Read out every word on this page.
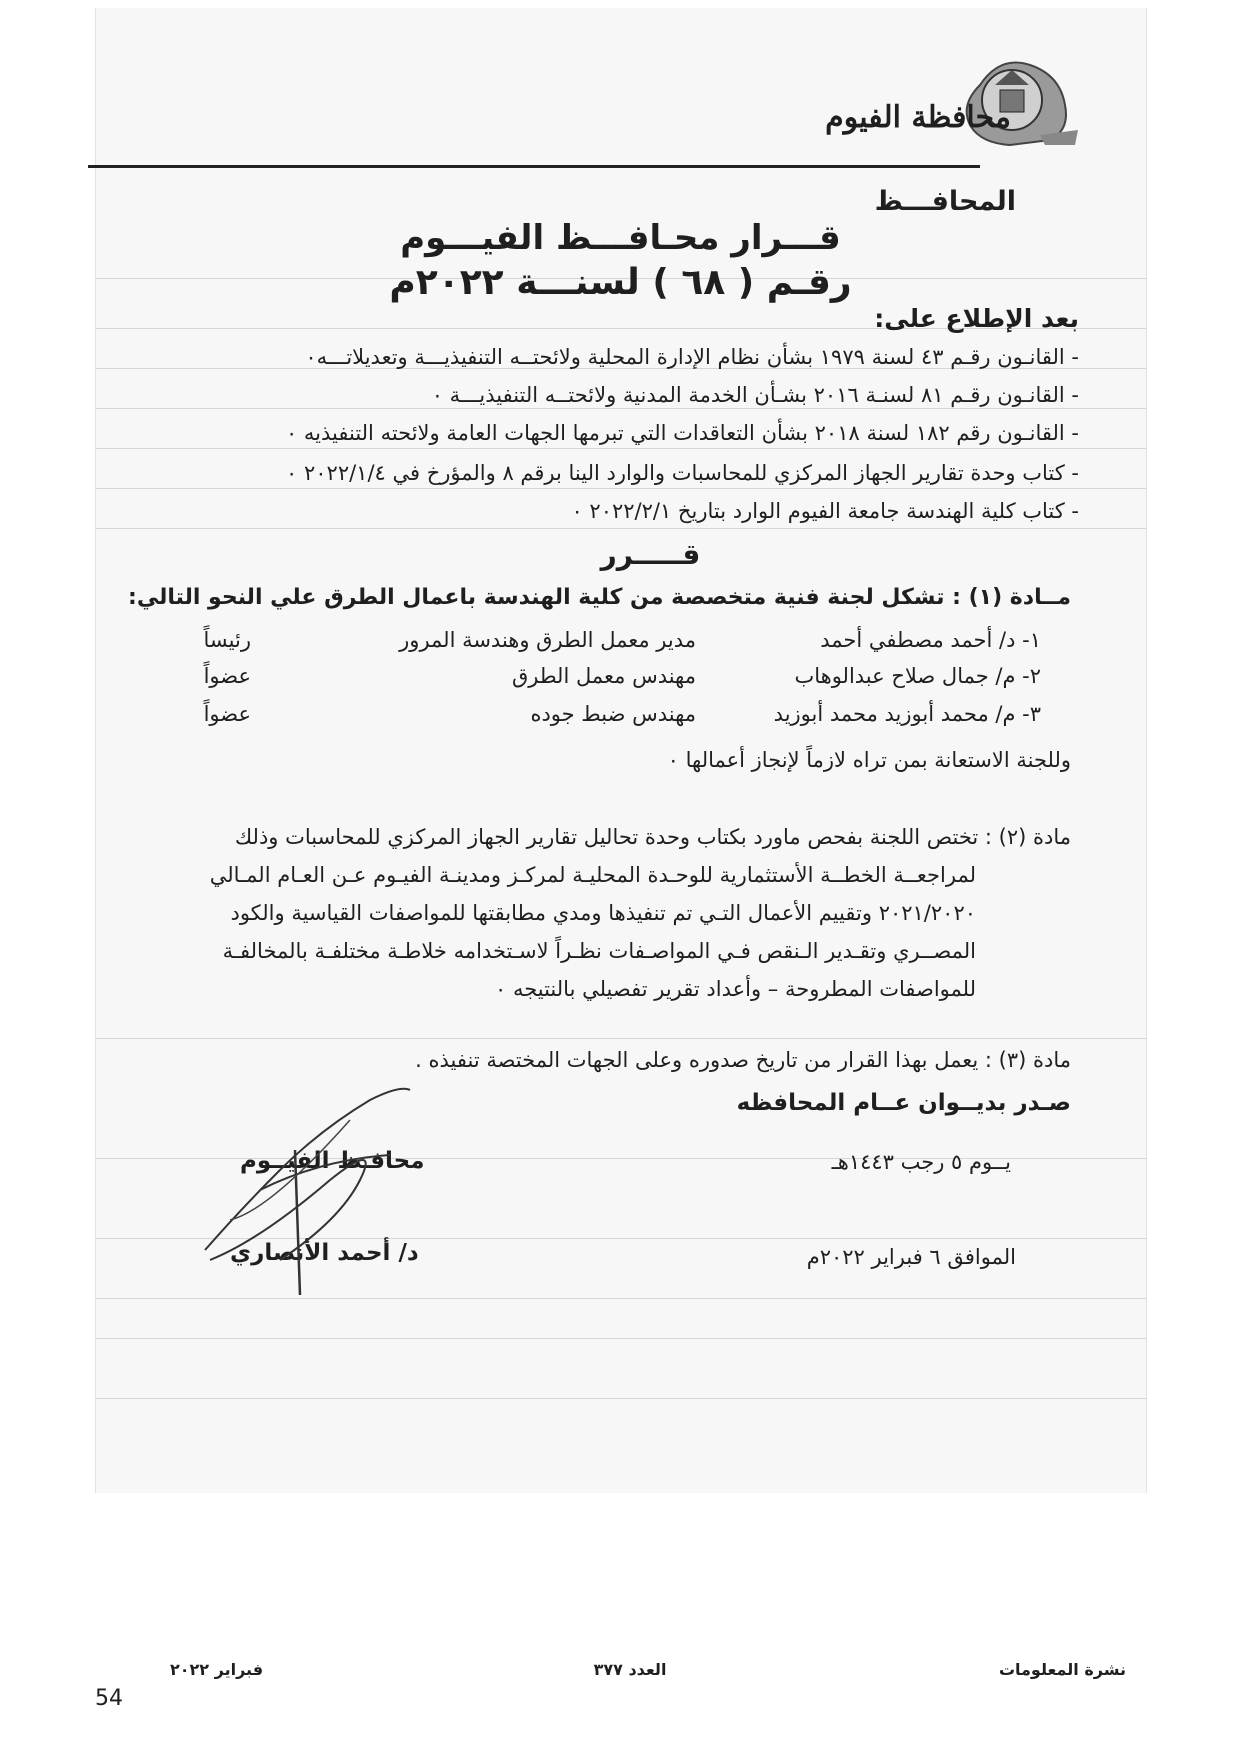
محافظة الفيوم
المحافـــظ
قـــرار محـافـــظ الفيـــوم
رقـم ( ٦٨ ) لسنـــة ٢٠٢٢م
بعد الإطلاع على:
- القانـون رقـم ٤٣ لسنة ١٩٧٩ بشأن نظام الإدارة المحلية ولائحتــه التنفيذيـــة وتعديلاتـــه٠
- القانـون رقـم ٨١ لسنـة ٢٠١٦ بشـأن الخدمة المدنية ولائحتــه التنفيذيـــة ٠
- القانـون رقم ١٨٢ لسنة ٢٠١٨ بشأن التعاقدات التي تبرمها الجهات العامة ولائحته التنفيذيه ٠
- كتاب وحدة تقارير الجهاز المركزي للمحاسبات والوارد الينا برقم ٨ والمؤرخ في ٢٠٢٢/١/٤ ٠
- كتاب كلية الهندسة جامعة الفيوم الوارد بتاريخ ٢٠٢٢/٢/١ ٠
قـــــرر
مــادة (١) : تشكل لجنة فنية متخصصة من كلية الهندسة باعمال الطرق علي النحو التالي:
١- د/ أحمد مصطفي أحمد
مدير معمل الطرق وهندسة المرور
رئيساً
٢- م/ جمال صلاح عبدالوهاب
مهندس معمل الطرق
عضواً
٣- م/ محمد أبوزيد محمد أبوزيد
مهندس ضبط جوده
عضواً
وللجنة الاستعانة بمن تراه لازماً لإنجاز أعمالها ٠
مادة (٢) : تختص اللجنة بفحص ماورد بكتاب وحدة تحاليل تقارير الجهاز المركزي للمحاسبات وذلك
لمراجعــة الخطــة الأستثمارية للوحـدة المحليـة لمركـز ومدينـة الفيـوم عـن العـام المـالي
٢٠٢١/٢٠٢٠ وتقييم الأعمال التـي تم تنفيذها ومدي مطابقتها للمواصفات القياسية والكود
المصــري وتقـدير الـنقص فـي المواصـفات نظـراً لاسـتخدامه خلاطـة مختلفـة بالمخالفـة
للمواصفات المطروحة – وأعداد تقرير تفصيلي بالنتيجه ٠
مادة (٣) : يعمل بهذا القرار من تاريخ صدوره وعلى الجهات المختصة تنفيذه .
صـدر بديــوان عــام المحافظه
يــوم ٥ رجب ١٤٤٣هـ
الموافق ٦ فبراير ٢٠٢٢م
محافـظ الفيــوم
د/ أحمد الأنصاري
نشرة المعلومات
العدد ٣٧٧
فبراير ٢٠٢٢
54
